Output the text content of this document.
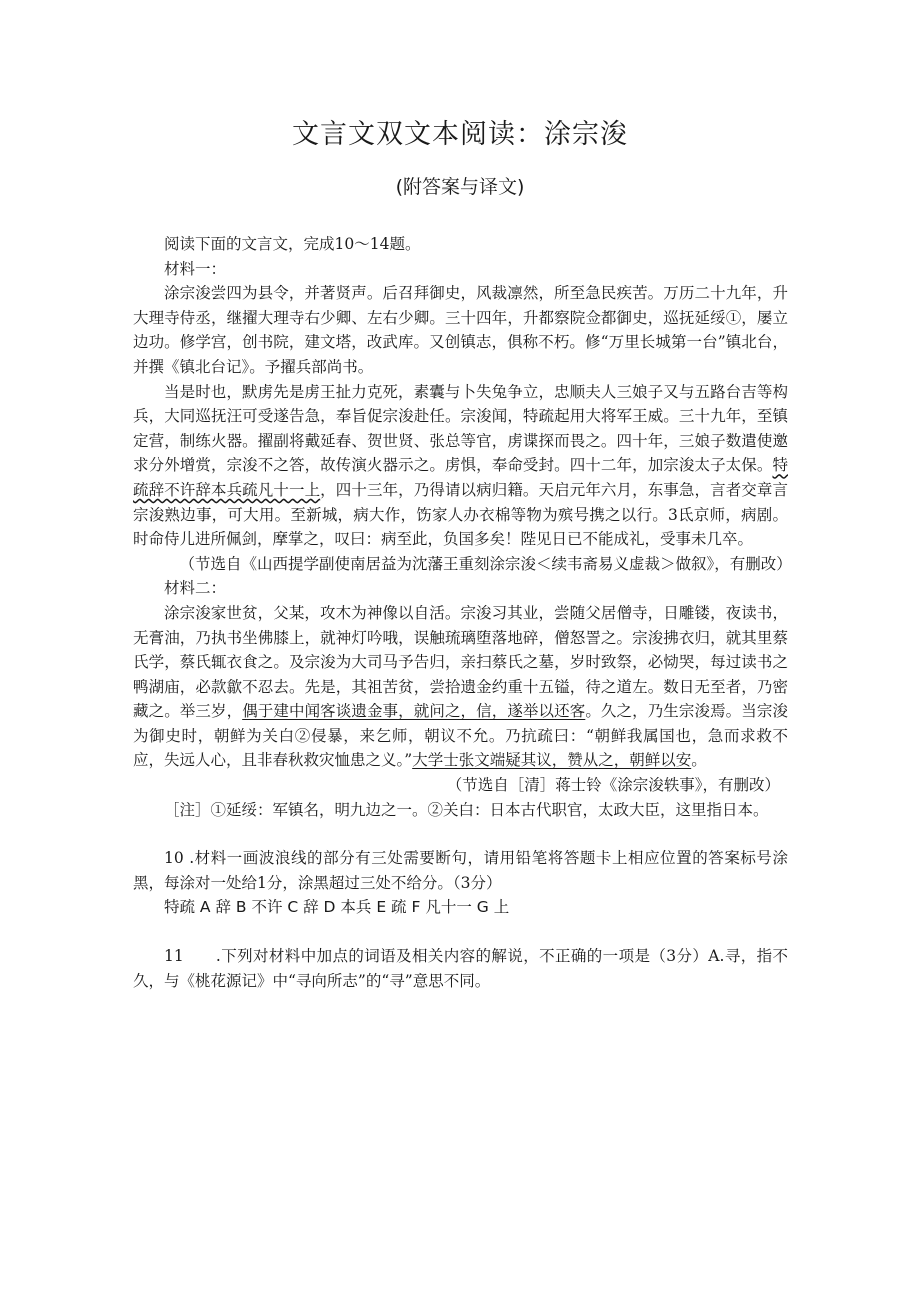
文言文双文本阅读：涂宗浚
(附答案与译文)

阅读下面的文言文，完成10～14题。

材料一：

涂宗浚尝四为县令，并著贤声。后召拜御史，风裁凛然，所至急民疾苦。万历二十九年，升大理寺侍丞，继擢大理寺右少卿、左右少卿。三十四年，升都察院佥都御史，巡抚延绥①，屡立边功。修学宫，创书院，建文塔，改武库。又创镇志，俱称不朽。修“万里长城第一台”镇北台，并撰《镇北台记》。予擢兵部尚书。

当是时也，默虏先是虏王扯力克死，素囊与卜失兔争立，忠顺夫人三娘子又与五路台吉等构兵，大同巡抚汪可受遂告急，奉旨促宗浚赴任。宗浚闻，特疏起用大将军王威。三十九年，至镇定营，制练火器。擢副将戴延春、贺世贤、张总等官，虏谍探而畏之。四十年，三娘子数遣使邀求分外增赏，宗浚不之答，故传演火器示之。虏惧，奉命受封。四十二年，加宗浚太子太保。特疏辞不许辞本兵疏凡十一上，四十三年，乃得请以病归籍。天启元年六月，东事急，言者交章言宗浚熟边事，可大用。至新城，病大作，饬家人办衣棉等物为殡号携之以行。3氐京师，病剧。时命侍儿进所佩剑，摩掌之，叹曰：病至此，负国多矣！陛见日已不能成礼，受事未几卒。

（节选自《山西提学副使南居益为沈藩王重刻涂宗浚＜续韦斋易义虚裁＞做叙》，有删改）

材料二：

涂宗浚家世贫，父某，攻木为神像以自活。宗浚习其业，尝随父居僧寺，日雕镂，夜读书，无膏油，乃执书坐佛膝上，就神灯吟哦，误触琉璃堕落地碎，僧怒詈之。宗浚拂衣归，就其里蔡氏学，蔡氏辄衣食之。及宗浚为大司马予告归，亲扫蔡氏之墓，岁时致祭，必恸哭，每过读书之鸭湖庙，必款歙不忍去。先是，其祖苦贫，尝拾遗金约重十五镒，待之道左。数日无至者，乃密藏之。举三岁，偶于建中闻客谈遗金事，就问之，信，遂举以还客。久之，乃生宗浚焉。当宗浚为御史时，朝鲜为关白②侵暴，来乞师，朝议不允。乃抗疏曰：“朝鲜我属国也，急而求救不应，失远人心，且非春秋救灾恤患之义。”大学士张文端疑其议，赞从之，朝鲜以安。

（节选自［清］蒋士铃《涂宗浚轶事》，有删改）

［注］①延绥：军镇名，明九边之一。②关白：日本古代职官，太政大臣，这里指日本。

10 .材料一画波浪线的部分有三处需要断句，请用铅笔将答题卡上相应位置的答案标号涂黑，每涂对一处给1分，涂黑超过三处不给分。（3分）

特疏 A 辞 B 不许 C 辞 D 本兵 E 疏 F 凡十一 G 上

11　　.下列对材料中加点的词语及相关内容的解说，不正确的一项是（3分）A.寻，指不久，与《桃花源记》中“寻向所志”的“寻”意思不同。
